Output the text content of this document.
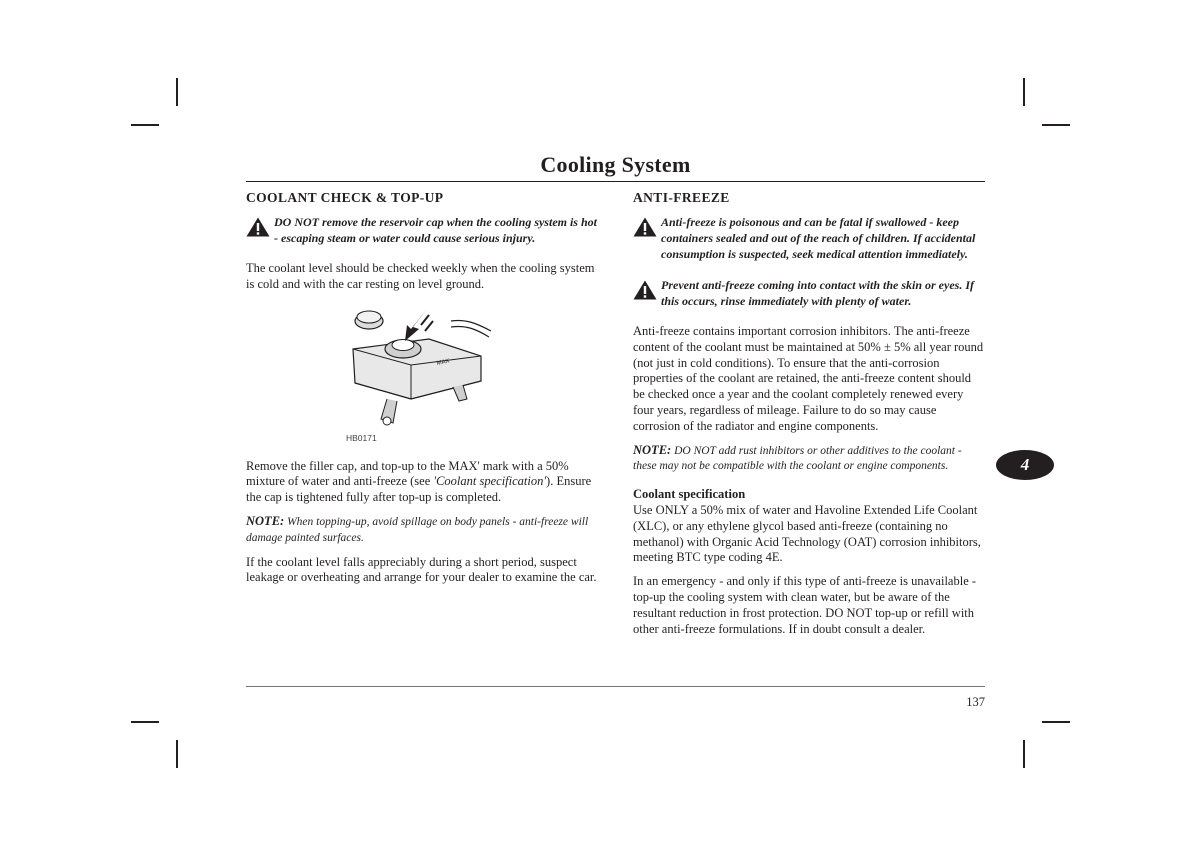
Cooling System
COOLANT CHECK & TOP-UP

DO NOT remove the reservoir cap when the cooling system is hot - escaping steam or water could cause serious injury.

The coolant level should be checked weekly when the cooling system is cold and with the car resting on level ground.

MAX
HB0171

Remove the filler cap, and top-up to the MAX' mark with a 50% mixture of water and anti-freeze (see 'Coolant specification'). Ensure the cap is tightened fully after top-up is completed.

NOTE: When topping-up, avoid spillage on body panels - anti-freeze will damage painted surfaces.

If the coolant level falls appreciably during a short period, suspect leakage or overheating and arrange for your dealer to examine the car.

ANTI-FREEZE

Anti-freeze is poisonous and can be fatal if swallowed - keep containers sealed and out of the reach of children. If accidental consumption is suspected, seek medical attention immediately.

Prevent anti-freeze coming into contact with the skin or eyes. If this occurs, rinse immediately with plenty of water.

Anti-freeze contains important corrosion inhibitors. The anti-freeze content of the coolant must be maintained at 50% ± 5% all year round (not just in cold conditions). To ensure that the anti-corrosion properties of the coolant are retained, the anti-freeze content should be checked once a year and the coolant completely renewed every four years, regardless of mileage. Failure to do so may cause corrosion of the radiator and engine components.

NOTE: DO NOT add rust inhibitors or other additives to the coolant - these may not be compatible with the coolant or engine components.

Coolant specification

Use ONLY a 50% mix of water and Havoline Extended Life Coolant (XLC), or any ethylene glycol based anti-freeze (containing no methanol) with Organic Acid Technology (OAT) corrosion inhibitors, meeting BTC type coding 4E.

In an emergency - and only if this type of anti-freeze is unavailable - top-up the cooling system with clean water, but be aware of the resultant reduction in frost protection. DO NOT top-up or refill with other anti-freeze formulations. If in doubt consult a dealer.

4
137
